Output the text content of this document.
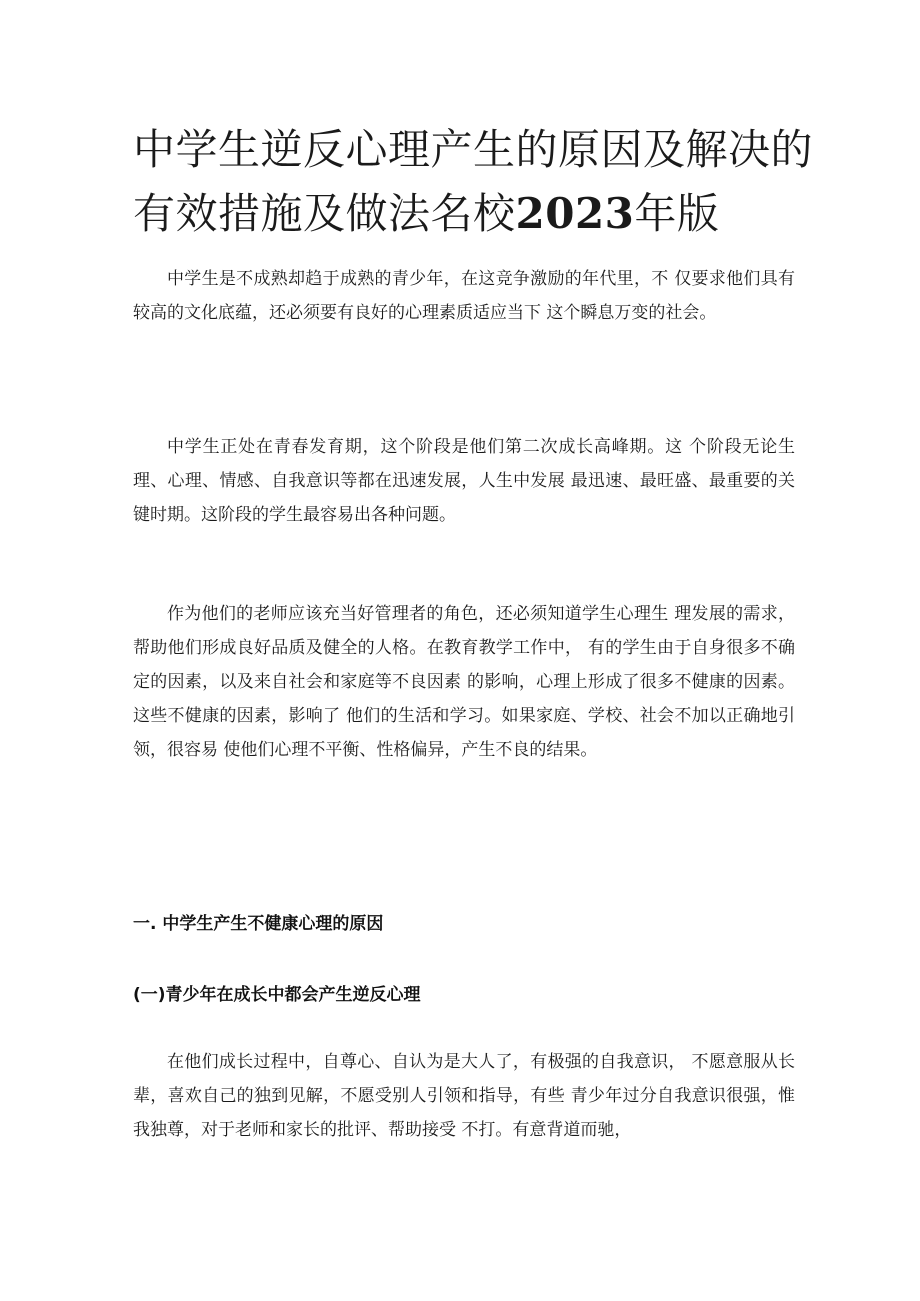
中学生逆反心理产生的原因及解决的有效措施及做法名校2023年版

中学生是不成熟却趋于成熟的青少年，在这竞争激励的年代里，不 仅要求他们具有较高的文化底蕴，还必须要有良好的心理素质适应当下 这个瞬息万变的社会。

中学生正处在青春发育期，这个阶段是他们第二次成长高峰期。这 个阶段无论生理、心理、情感、自我意识等都在迅速发展，人生中发展 最迅速、最旺盛、最重要的关键时期。这阶段的学生最容易出各种问题。

作为他们的老师应该充当好管理者的角色，还必须知道学生心理生 理发展的需求，帮助他们形成良好品质及健全的人格。在教育教学工作中， 有的学生由于自身很多不确定的因素，以及来自社会和家庭等不良因素 的影响，心理上形成了很多不健康的因素。这些不健康的因素，影响了 他们的生活和学习。如果家庭、学校、社会不加以正确地引领，很容易 使他们心理不平衡、性格偏异，产生不良的结果。

一. 中学生产生不健康心理的原因
(一)青少年在成长中都会产生逆反心理

在他们成长过程中，自尊心、自认为是大人了，有极强的自我意识， 不愿意服从长辈，喜欢自己的独到见解，不愿受别人引领和指导，有些 青少年过分自我意识很强，惟我独尊，对于老师和家长的批评、帮助接受 不打。有意背道而驰，
